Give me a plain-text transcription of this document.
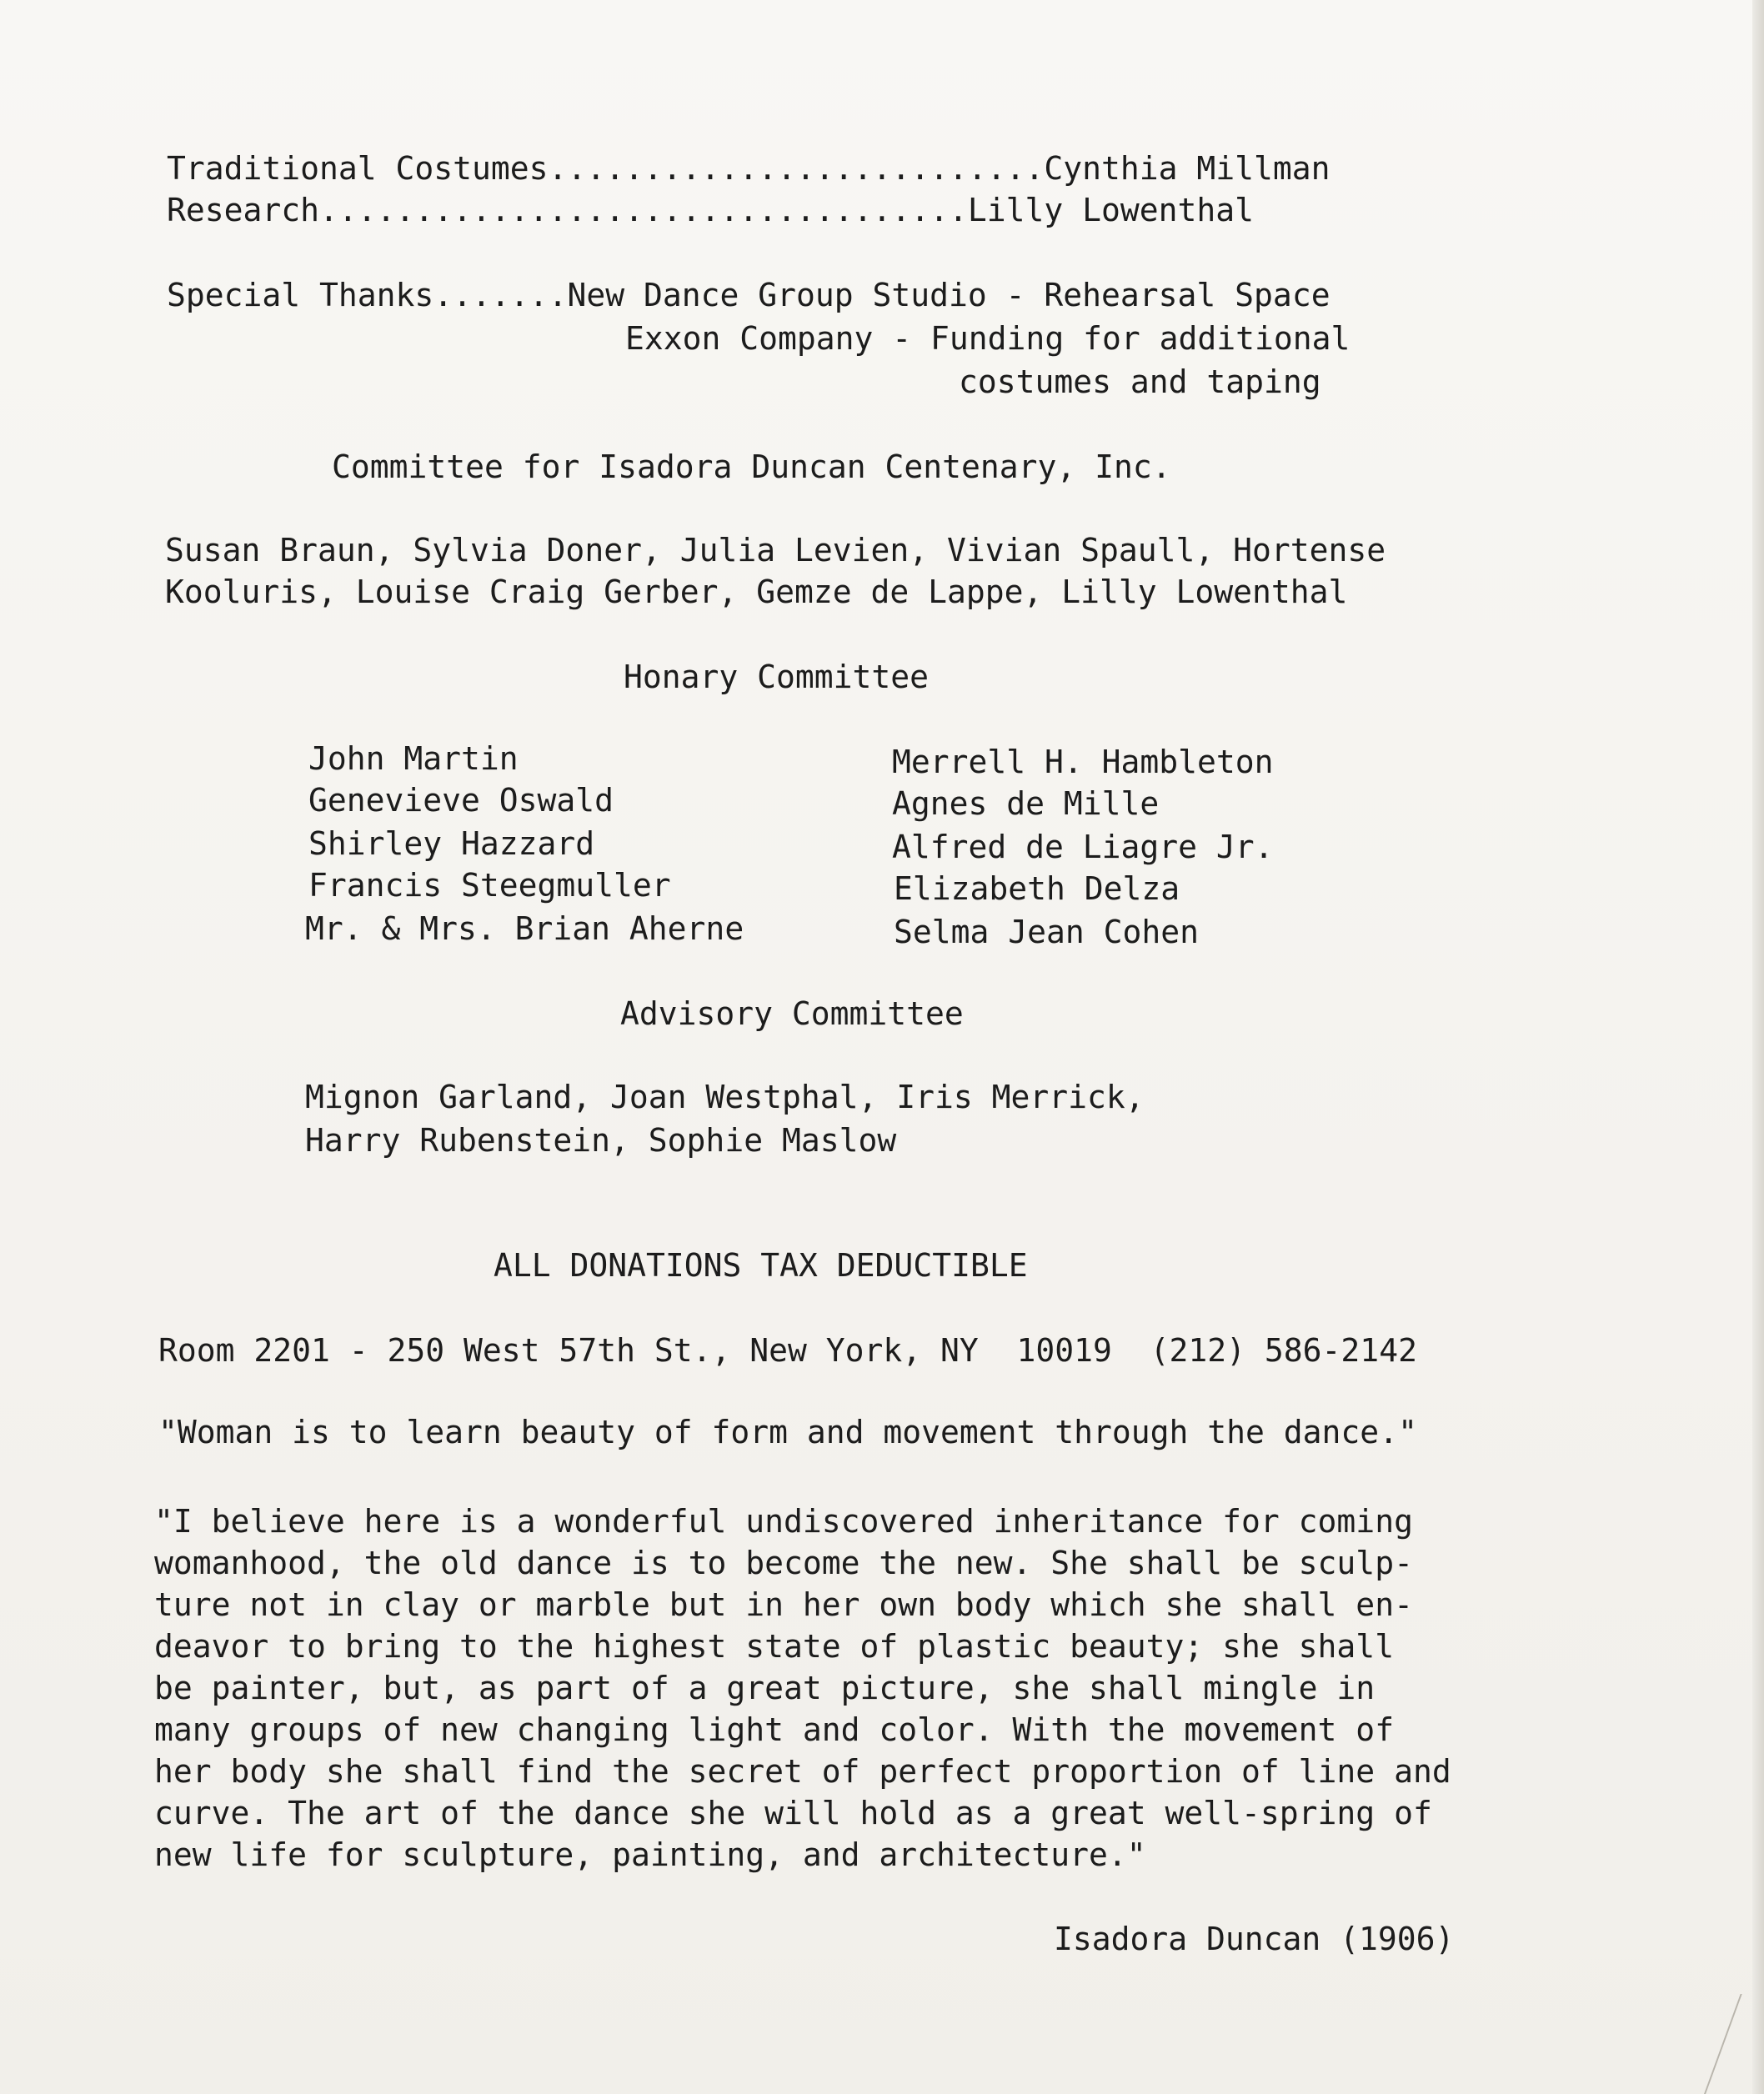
Traditional Costumes..........................Cynthia Millman
Research..................................Lilly Lowenthal
Special Thanks.......New Dance Group Studio - Rehearsal Space
Exxon Company - Funding for additional
costumes and taping
Committee for Isadora Duncan Centenary, Inc.
Susan Braun, Sylvia Doner, Julia Levien, Vivian Spaull, Hortense
Kooluris, Louise Craig Gerber, Gemze de Lappe, Lilly Lowenthal
Honary Committee
John Martin
Genevieve Oswald
Shirley Hazzard
Francis Steegmuller
Mr. & Mrs. Brian Aherne
Merrell H. Hambleton
Agnes de Mille
Alfred de Liagre Jr.
Elizabeth Delza
Selma Jean Cohen
Advisory Committee
Mignon Garland, Joan Westphal, Iris Merrick,
Harry Rubenstein, Sophie Maslow
ALL DONATIONS TAX DEDUCTIBLE
Room 2201 - 250 West 57th St., New York, NY  10019  (212) 586-2142
"Woman is to learn beauty of form and movement through the dance."

"I believe here is a wonderful undiscovered inheritance for coming

womanhood, the old dance is to become the new. She shall be sculp-

ture not in clay or marble but in her own body which she shall en-

deavor to bring to the highest state of plastic beauty; she shall

be painter, but, as part of a great picture, she shall mingle in

many groups of new changing light and color. With the movement of

her body she shall find the secret of perfect proportion of line and

curve. The art of the dance she will hold as a great well-spring of

new life for sculpture, painting, and architecture."

Isadora Duncan (1906)
